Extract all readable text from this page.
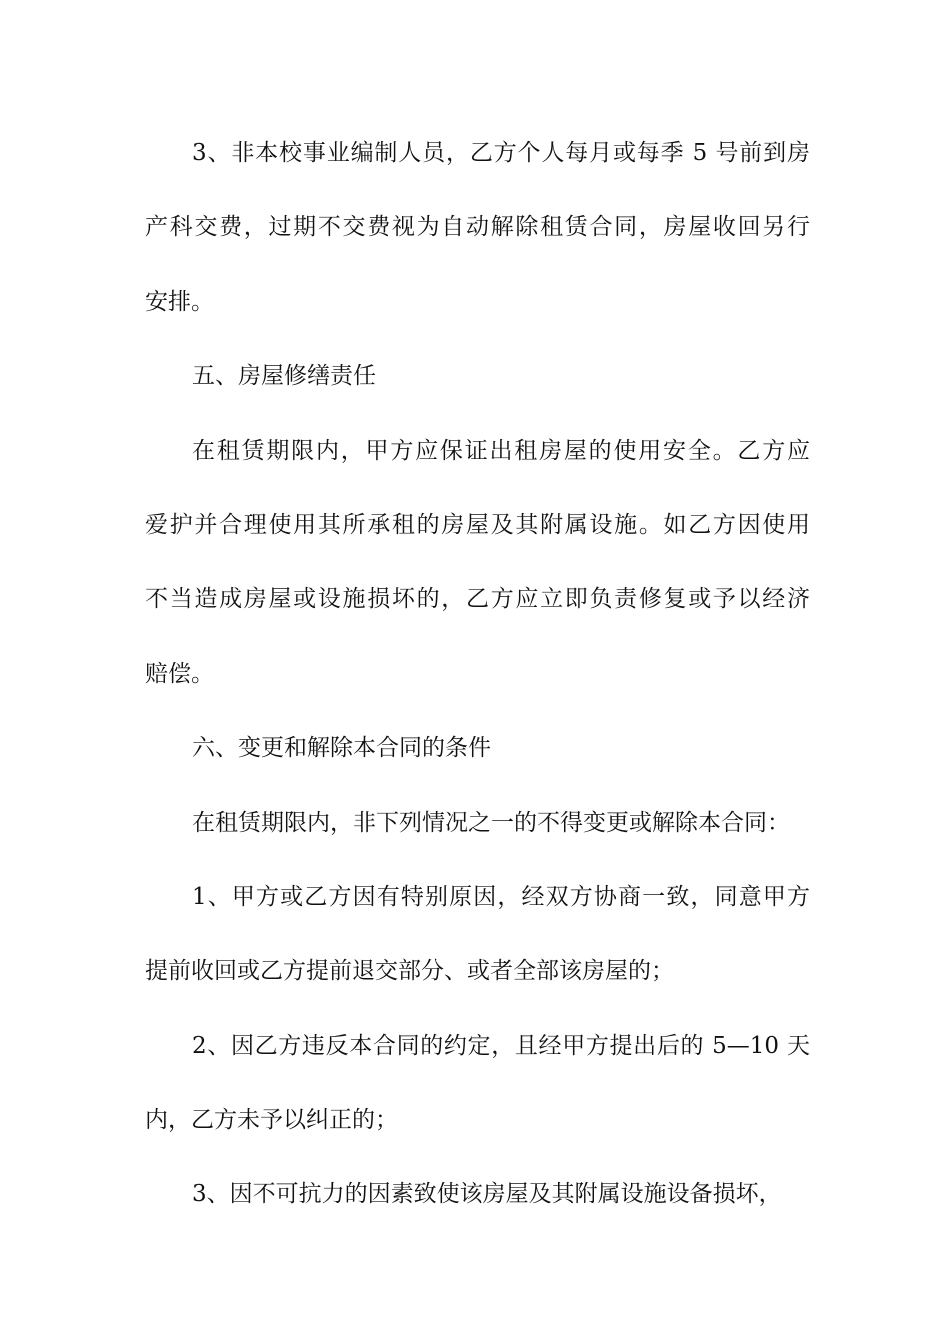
3、非本校事业编制人员，乙方个人每月或每季 5 号前到房
产科交费，过期不交费视为自动解除租赁合同，房屋收回另行
安排。
五、房屋修缮责任
在租赁期限内，甲方应保证出租房屋的使用安全。乙方应
爱护并合理使用其所承租的房屋及其附属设施。如乙方因使用
不当造成房屋或设施损坏的，乙方应立即负责修复或予以经济
赔偿。
六、变更和解除本合同的条件
在租赁期限内，非下列情况之一的不得变更或解除本合同：
1、甲方或乙方因有特别原因，经双方协商一致，同意甲方
提前收回或乙方提前退交部分、或者全部该房屋的；
2、因乙方违反本合同的约定，且经甲方提出后的 5—10 天
内，乙方未予以纠正的；
3、因不可抗力的因素致使该房屋及其附属设施设备损坏，
